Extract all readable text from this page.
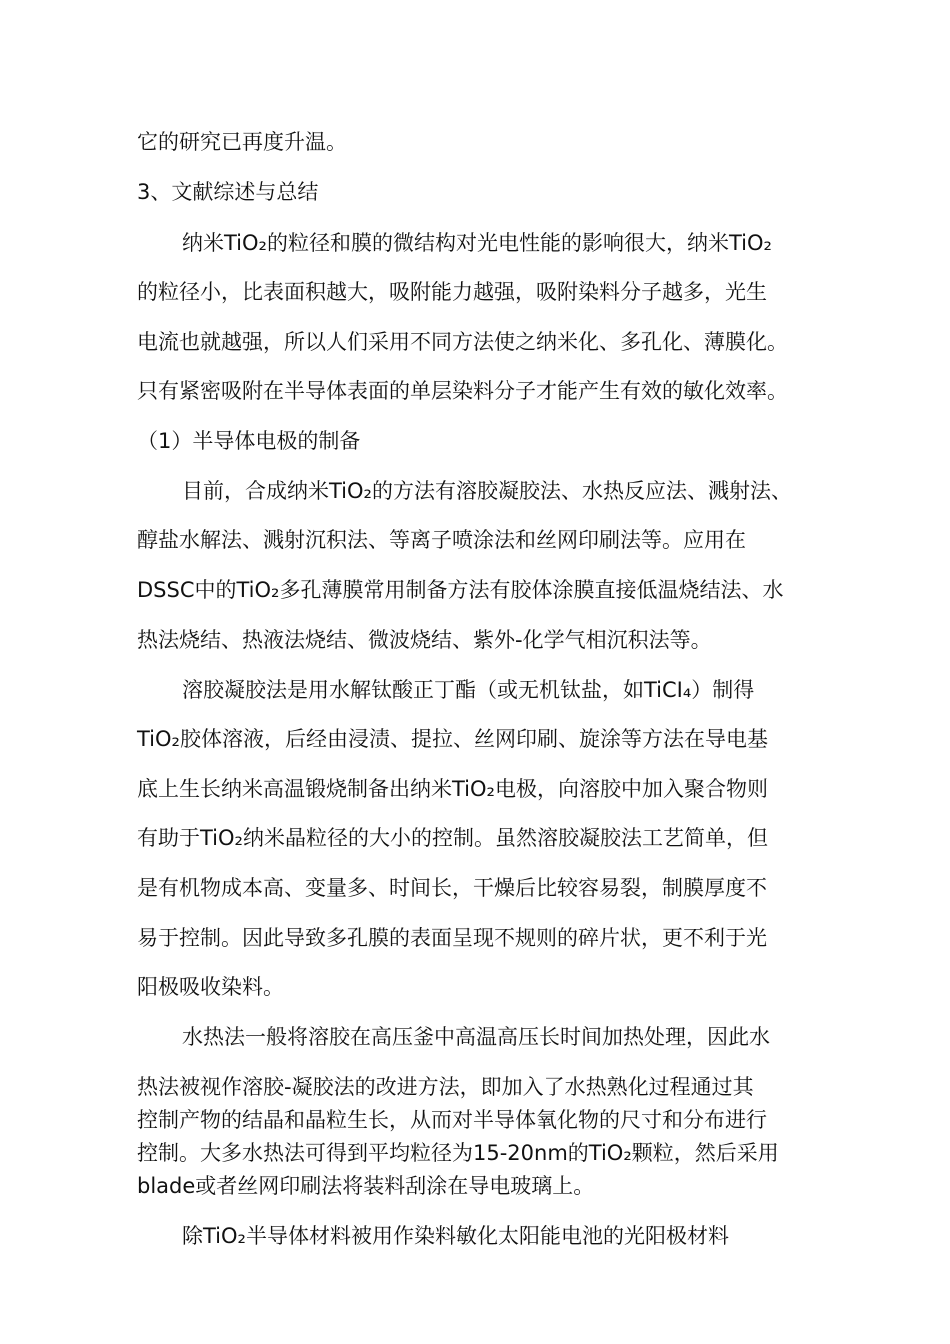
它的研究已再度升温。
3、文献综述与总结
纳米TiO₂的粒径和膜的微结构对光电性能的影响很大，纳米TiO₂
的粒径小，比表面积越大，吸附能力越强，吸附染料分子越多，光生
电流也就越强，所以人们采用不同方法使之纳米化、多孔化、薄膜化。
只有紧密吸附在半导体表面的单层染料分子才能产生有效的敏化效率。
（1）半导体电极的制备
目前，合成纳米TiO₂的方法有溶胶凝胶法、水热反应法、溅射法、
醇盐水解法、溅射沉积法、等离子喷涂法和丝网印刷法等。应用在
DSSC中的TiO₂多孔薄膜常用制备方法有胶体涂膜直接低温烧结法、水
热法烧结、热液法烧结、微波烧结、紫外-化学气相沉积法等。
溶胶凝胶法是用水解钛酸正丁酯（或无机钛盐，如TiCI₄）制得
TiO₂胶体溶液，后经由浸渍、提拉、丝网印刷、旋涂等方法在导电基
底上生长纳米高温锻烧制备出纳米TiO₂电极，向溶胶中加入聚合物则
有助于TiO₂纳米晶粒径的大小的控制。虽然溶胶凝胶法工艺简单，但
是有机物成本高、变量多、时间长，干燥后比较容易裂，制膜厚度不
易于控制。因此导致多孔膜的表面呈现不规则的碎片状，更不利于光
阳极吸收染料。
水热法一般将溶胶在高压釜中高温高压长时间加热处理，因此水
热法被视作溶胶-凝胶法的改进方法，即加入了水热熟化过程通过其
控制产物的结晶和晶粒生长，从而对半导体氧化物的尺寸和分布进行
控制。大多水热法可得到平均粒径为15-20nm的TiO₂颗粒，然后采用
blade或者丝网印刷法将装料刮涂在导电玻璃上。
除TiO₂半导体材料被用作染料敏化太阳能电池的光阳极材料
